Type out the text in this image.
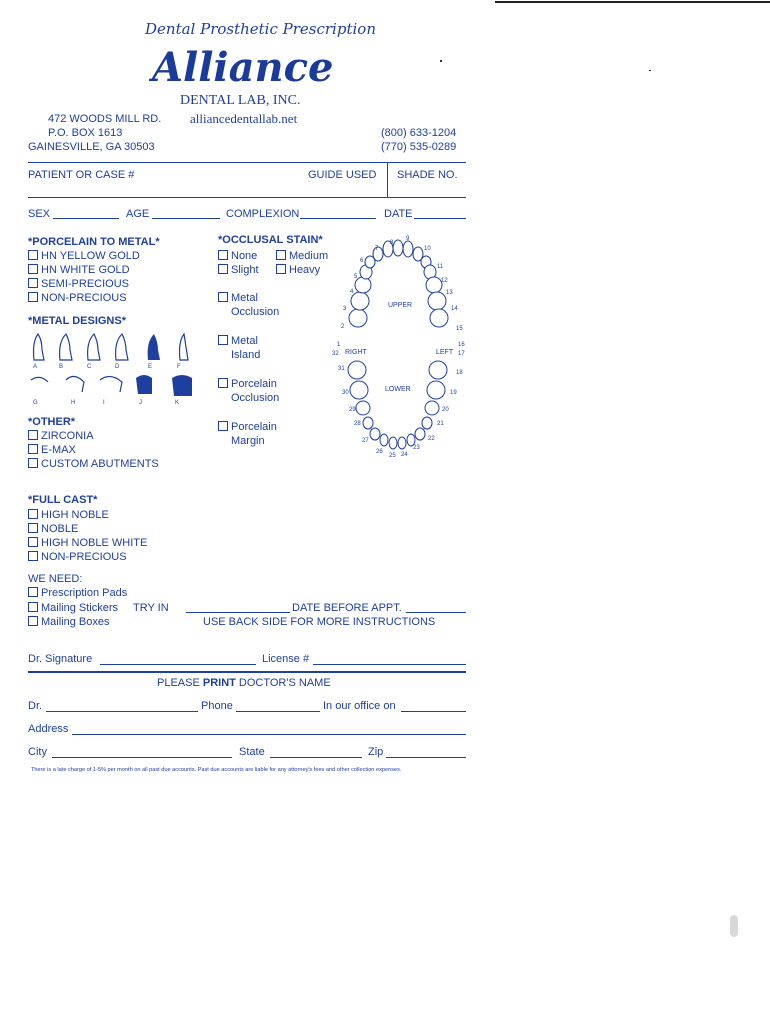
Dental Prosthetic Prescription
Alliance
DENTAL LAB, INC.
alliancedentallab.net
472 WOODS MILL RD.
P.O. BOX 1613
GAINESVILLE, GA 30503
(800) 633-1204
(770) 535-0289
PATIENT OR CASE #	GUIDE USED SHADE NO.
SEX	AGE	COMPLEXION	DATE
*PORCELAIN TO METAL*
HN YELLOW GOLD
HN WHITE GOLD
SEMI-PRECIOUS
NON-PRECIOUS
*METAL DESIGNS*
A	B	C	D	E	F
G	H	I	J	K
*OTHER*
ZIRCONIA
E-MAX
CUSTOM ABUTMENTS
*OCCLUSAL STAIN*
None	Medium
Slight	Heavy
Metal
Occlusion
Metal
Island
Porcelain
Occlusion
Porcelain
Margin
UPPER
LOWER
RIGHT	LEFT
1
2
3
4
5
6
7
8
9
10
11
12
13
14
15
16
17
18
19
20
21
22
23
24
25
26
27
28
29
30
31
32
*FULL CAST*
HIGH NOBLE
NOBLE
HIGH NOBLE WHITE
NON-PRECIOUS
WE NEED:
Prescription Pads
Mailing Stickers
Mailing Boxes
TRY IN	DATE BEFORE APPT.
USE BACK SIDE FOR MORE INSTRUCTIONS
Dr. Signature	License #
PLEASE PRINT DOCTOR'S NAME
Dr.	Phone	In our office on
Address
City	State	Zip
There is a late charge of 1-5% per month on all past due accounts. Past due accounts are liable for any attorney's fees and other collection expenses.
